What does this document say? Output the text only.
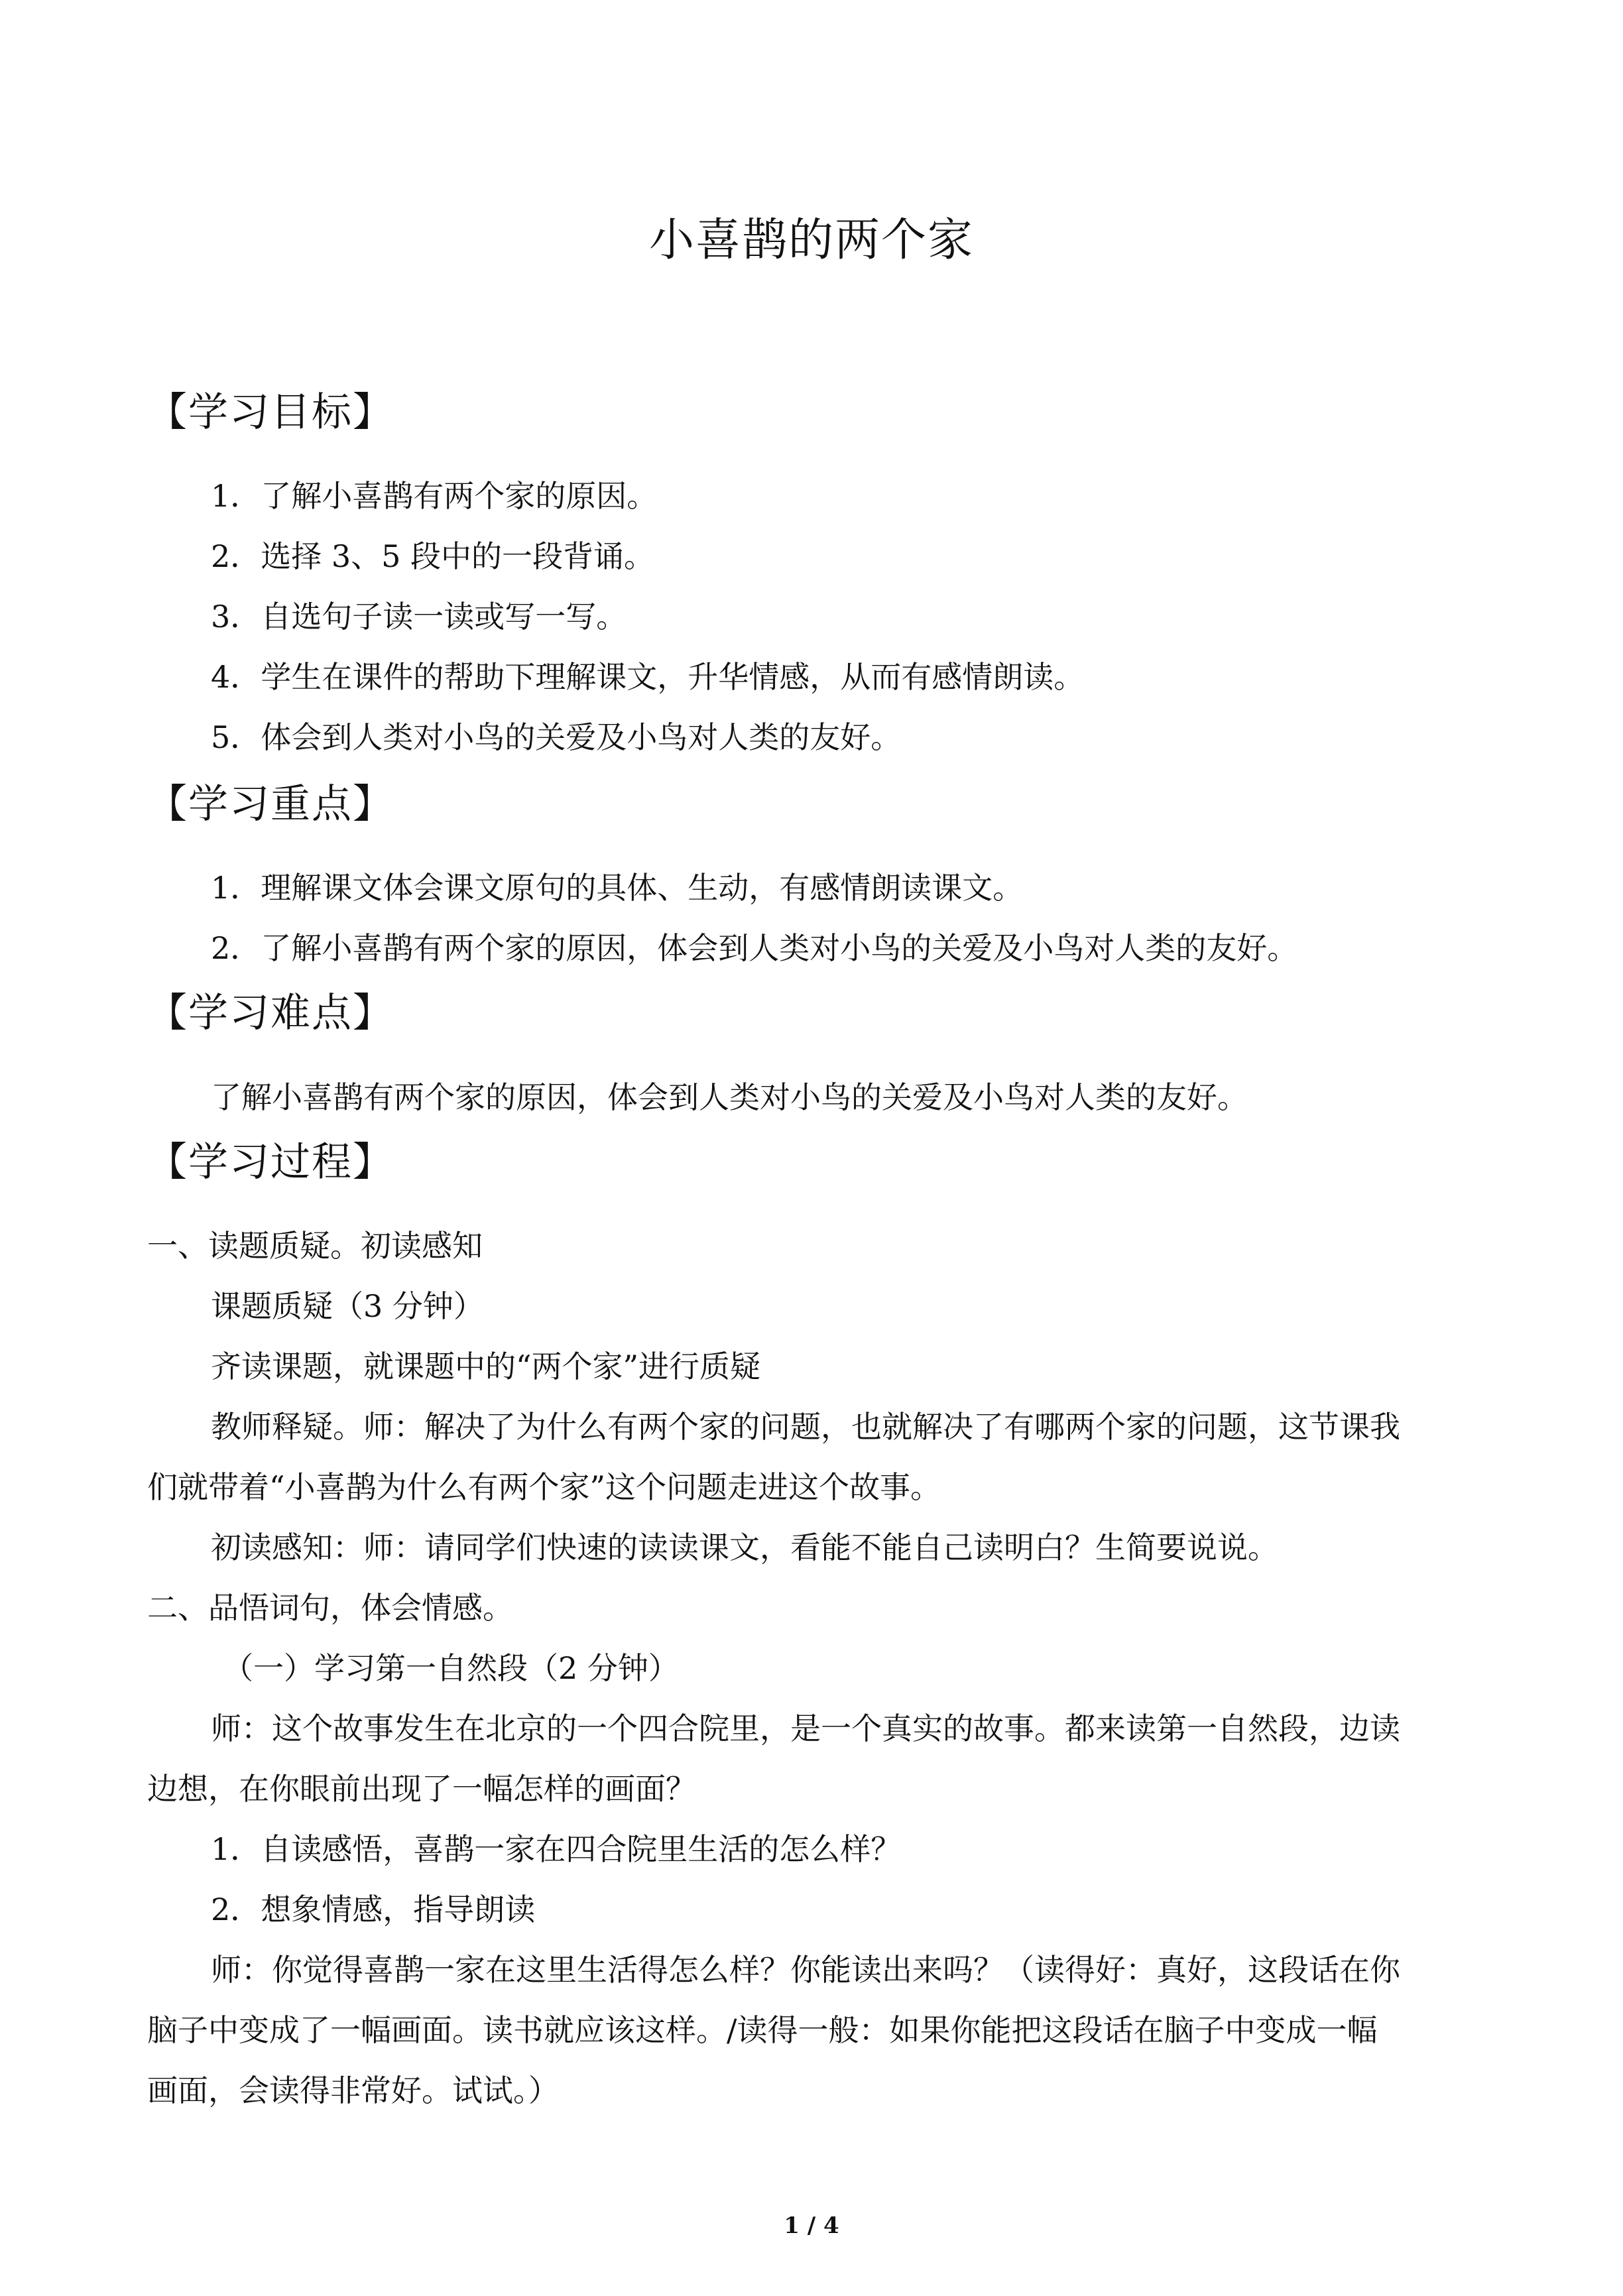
小喜鹊的两个家
【学习目标】
1．了解小喜鹊有两个家的原因。
2．选择 3、5 段中的一段背诵。
3．自选句子读一读或写一写。
4．学生在课件的帮助下理解课文，升华情感，从而有感情朗读。
5．体会到人类对小鸟的关爱及小鸟对人类的友好。
【学习重点】
1．理解课文体会课文原句的具体、生动，有感情朗读课文。
2．了解小喜鹊有两个家的原因，体会到人类对小鸟的关爱及小鸟对人类的友好。
【学习难点】
了解小喜鹊有两个家的原因，体会到人类对小鸟的关爱及小鸟对人类的友好。
【学习过程】
一、读题质疑。初读感知
课题质疑（3 分钟）
齐读课题，就课题中的“两个家”进行质疑
教师释疑。师：解决了为什么有两个家的问题，也就解决了有哪两个家的问题，这节课我
们就带着“小喜鹊为什么有两个家”这个问题走进这个故事。
初读感知：师：请同学们快速的读读课文，看能不能自己读明白？生简要说说。
二、品悟词句，体会情感。
（一）学习第一自然段（2 分钟）
师：这个故事发生在北京的一个四合院里，是一个真实的故事。都来读第一自然段，边读
边想，在你眼前出现了一幅怎样的画面？
1．自读感悟，喜鹊一家在四合院里生活的怎么样？
2．想象情感，指导朗读
师：你觉得喜鹊一家在这里生活得怎么样？你能读出来吗？（读得好：真好，这段话在你
脑子中变成了一幅画面。读书就应该这样。/读得一般：如果你能把这段话在脑子中变成一幅
画面，会读得非常好。试试。）
1 / 4
